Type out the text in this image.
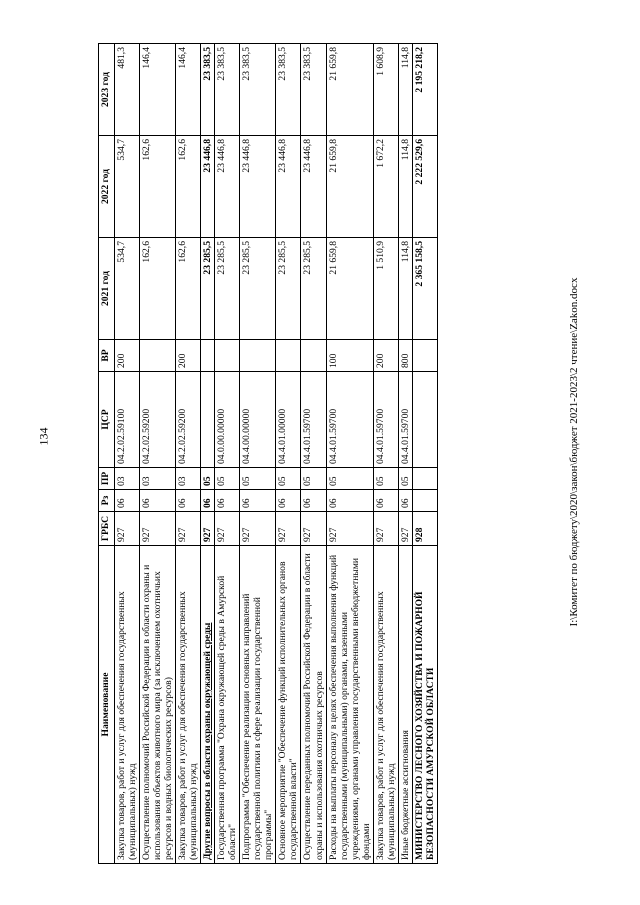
134
Наименование	ГРБС	Рз	ПР	ЦСР	ВР	2021 год	2022 год	2023 год
Закупка товаров, работ и услуг для обеспечения государственных (муниципальных) нужд	927	06	03	04.2.02.59100	200	534,7	534,7	481,3
Осуществление полномочий Российской Федерации в области охраны и использования объектов животного мира (за исключением охотничьих ресурсов и водных биологических ресурсов)	927	06	03	04.2.02.59200		162,6	162,6	146,4
Закупка товаров, работ и услуг для обеспечения государственных (муниципальных) нужд	927	06	03	04.2.02.59200	200	162,6	162,6	146,4
Другие вопросы в области охраны окружающей среды	927	06	05			23 285,5	23 446,8	23 383,5
Государственная программа "Охрана окружающей среды в Амурской области"	927	06	05	04.0.00.00000		23 285,5	23 446,8	23 383,5
Подпрограмма "Обеспечение реализации основных направлений государственной политики в сфере реализации государственной программы"	927	06	05	04.4.00.00000		23 285,5	23 446,8	23 383,5
Основное мероприятие "Обеспечение функций исполнительных органов государственной власти"	927	06	05	04.4.01.00000		23 285,5	23 446,8	23 383,5
Осуществление переданных полномочий Российской Федерации в области охраны и использования охотничьих ресурсов	927	06	05	04.4.01.59700		23 285,5	23 446,8	23 383,5
Расходы на выплаты персоналу в целях обеспечения выполнения функций государственными (муниципальными) органами, казенными учреждениями, органами управления государственными внебюджетными фондами	927	06	05	04.4.01.59700	100	21 659,8	21 659,8	21 659,8
Закупка товаров, работ и услуг для обеспечения государственных (муниципальных) нужд	927	06	05	04.4.01.59700	200	1 510,9	1 672,2	1 608,9
Иные бюджетные ассигнования	927	06	05	04.4.01.59700	800	114,8	114,8	114,8
МИНИСТЕРСТВО ЛЕСНОГО ХОЗЯЙСТВА И ПОЖАРНОЙ БЕЗОПАСНОСТИ АМУРСКОЙ ОБЛАСТИ	928					2 365 158,5	2 222 529,6	2 195 218,2
I:\Комитет по бюджету\2020\закон\бюджет 2021-2023\2 чтение\Zakon.docx
